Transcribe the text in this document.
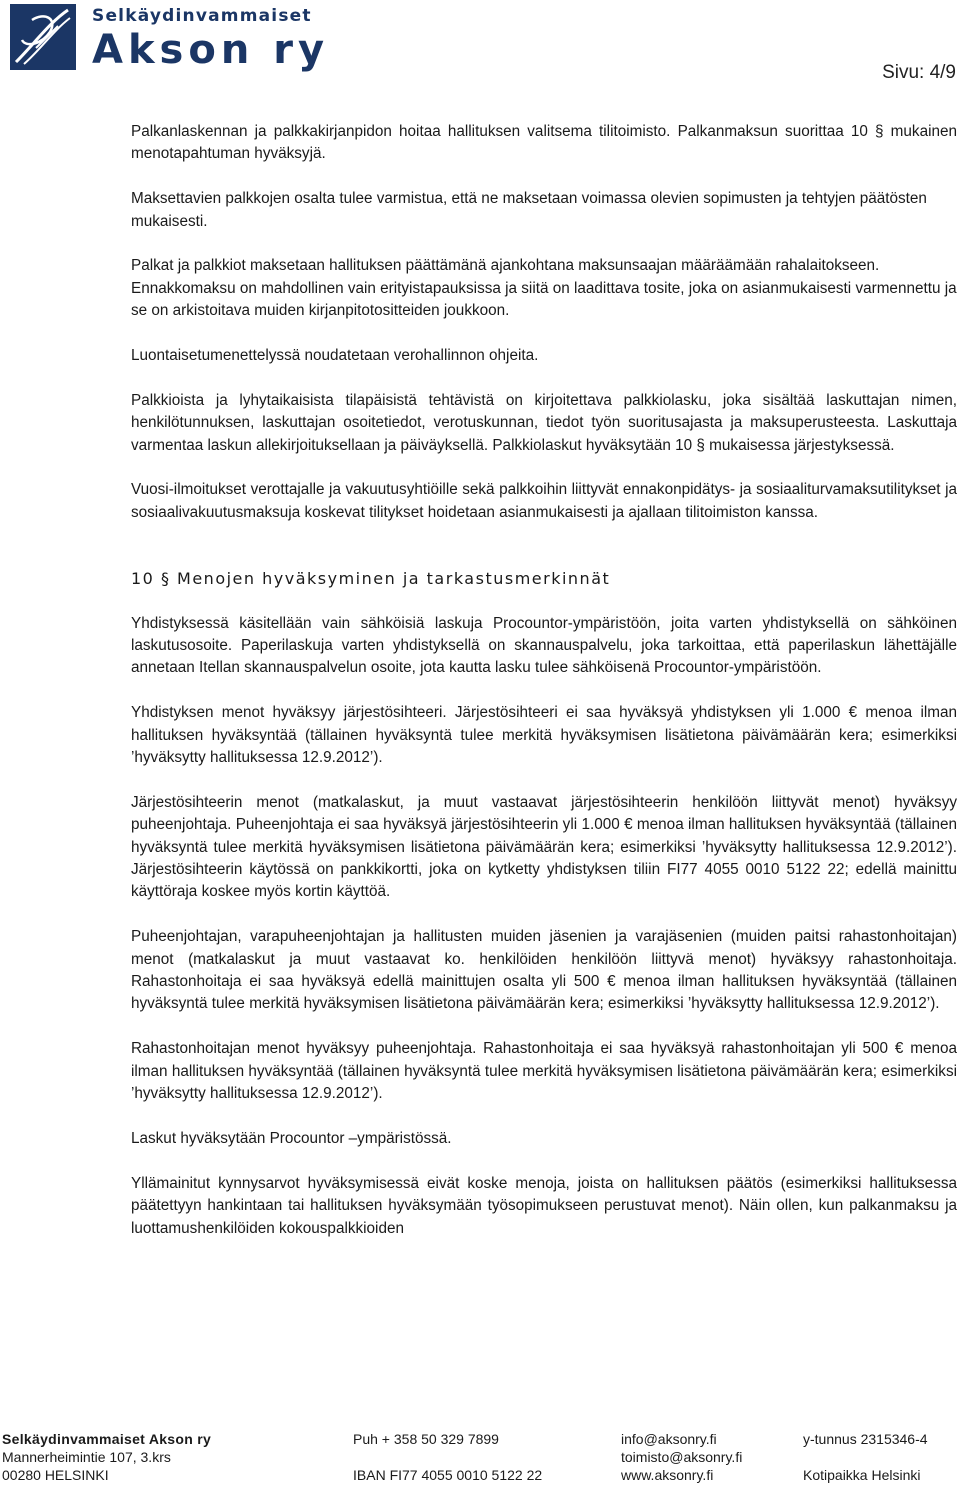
Selkäydinvammaiset
Akson ry	Sivu: 4/9

Palkanlaskennan ja palkkakirjanpidon hoitaa hallituksen valitsema tilitoimisto. Palkanmaksun suorittaa 10 § mukainen menotapahtuman hyväksyjä.

Maksettavien palkkojen osalta tulee varmistua, että ne maksetaan voimassa olevien sopimusten ja tehtyjen päätösten mukaisesti.

Palkat ja palkkiot maksetaan hallituksen päättämänä ajankohtana maksunsaajan määräämään rahalaitokseen. Ennakkomaksu on mahdollinen vain erityistapauksissa ja siitä on laadittava tosite, joka on asianmukaisesti varmennettu ja se on arkistoitava muiden kirjanpitotositteiden joukkoon.

Luontaisetumenettelyssä noudatetaan verohallinnon ohjeita.

Palkkioista ja lyhytaikaisista tilapäisistä tehtävistä on kirjoitettava palkkiolasku, joka sisältää laskuttajan nimen, henkilötunnuksen, laskuttajan osoitetiedot, verotuskunnan, tiedot työn suoritusajasta ja maksuperusteesta. Laskuttaja varmentaa laskun allekirjoituksellaan ja päiväyksellä. Palkkiolaskut hyväksytään 10 § mukaisessa järjestyksessä.

Vuosi-ilmoitukset verottajalle ja vakuutusyhtiöille sekä palkkoihin liittyvät ennakonpidätys- ja sosiaaliturvamaksutilitykset ja sosiaalivakuutusmaksuja koskevat tilitykset hoidetaan asianmukaisesti ja ajallaan tilitoimiston kanssa.

10 § Menojen hyväksyminen ja tarkastusmerkinnät

Yhdistyksessä käsitellään vain sähköisiä laskuja Procountor-ympäristöön, joita varten yhdistyksellä on sähköinen laskutusosoite. Paperilaskuja varten yhdistyksellä on skannauspalvelu, joka tarkoittaa, että paperilaskun lähettäjälle annetaan Itellan skannauspalvelun osoite, jota kautta lasku tulee sähköisenä Procountor-ympäristöön.

Yhdistyksen menot hyväksyy järjestösihteeri. Järjestösihteeri ei saa hyväksyä yhdistyksen yli 1.000 € menoa ilman hallituksen hyväksyntää (tällainen hyväksyntä tulee merkitä hyväksymisen lisätietona päivämäärän kera; esimerkiksi ’hyväksytty hallituksessa 12.9.2012’).

Järjestösihteerin menot (matkalaskut, ja muut vastaavat järjestösihteerin henkilöön liittyvät menot) hyväksyy puheenjohtaja. Puheenjohtaja ei saa hyväksyä järjestösihteerin yli 1.000 € menoa ilman hallituksen hyväksyntää (tällainen hyväksyntä tulee merkitä hyväksymisen lisätietona päivämäärän kera; esimerkiksi ’hyväksytty hallituksessa 12.9.2012’). Järjestösihteerin käytössä on pankkikortti, joka on kytketty yhdistyksen tiliin FI77 4055 0010 5122 22; edellä mainittu käyttöraja koskee myös kortin käyttöä.

Puheenjohtajan, varapuheenjohtajan ja hallitusten muiden jäsenien ja varajäsenien (muiden paitsi rahastonhoitajan) menot (matkalaskut ja muut vastaavat ko. henkilöiden henkilöön liittyvä menot) hyväksyy rahastonhoitaja. Rahastonhoitaja ei saa hyväksyä edellä mainittujen osalta yli 500 € menoa ilman hallituksen hyväksyntää (tällainen hyväksyntä tulee merkitä hyväksymisen lisätietona päivämäärän kera; esimerkiksi ’hyväksytty hallituksessa 12.9.2012’).

Rahastonhoitajan menot hyväksyy puheenjohtaja. Rahastonhoitaja ei saa hyväksyä rahastonhoitajan yli 500 € menoa ilman hallituksen hyväksyntää (tällainen hyväksyntä tulee merkitä hyväksymisen lisätietona päivämäärän kera; esimerkiksi ’hyväksytty hallituksessa 12.9.2012’).

Laskut hyväksytään Procountor –ympäristössä.

Yllämainitut kynnysarvot hyväksymisessä eivät koske menoja, joista on hallituksen päätös (esimerkiksi hallituksessa päätettyyn hankintaan tai hallituksen hyväksymään työsopimukseen perustuvat menot). Näin ollen, kun palkanmaksu ja luottamushenkilöiden kokouspalkkioiden

Selkäydinvammaiset Akson ry
Mannerheimintie 107, 3.krs
00280 HELSINKI
Puh + 358 50 329 7899

IBAN FI77 4055 0010 5122 22
info@aksonry.fi
toimisto@aksonry.fi
www.aksonry.fi
y-tunnus 2315346-4

Kotipaikka Helsinki
